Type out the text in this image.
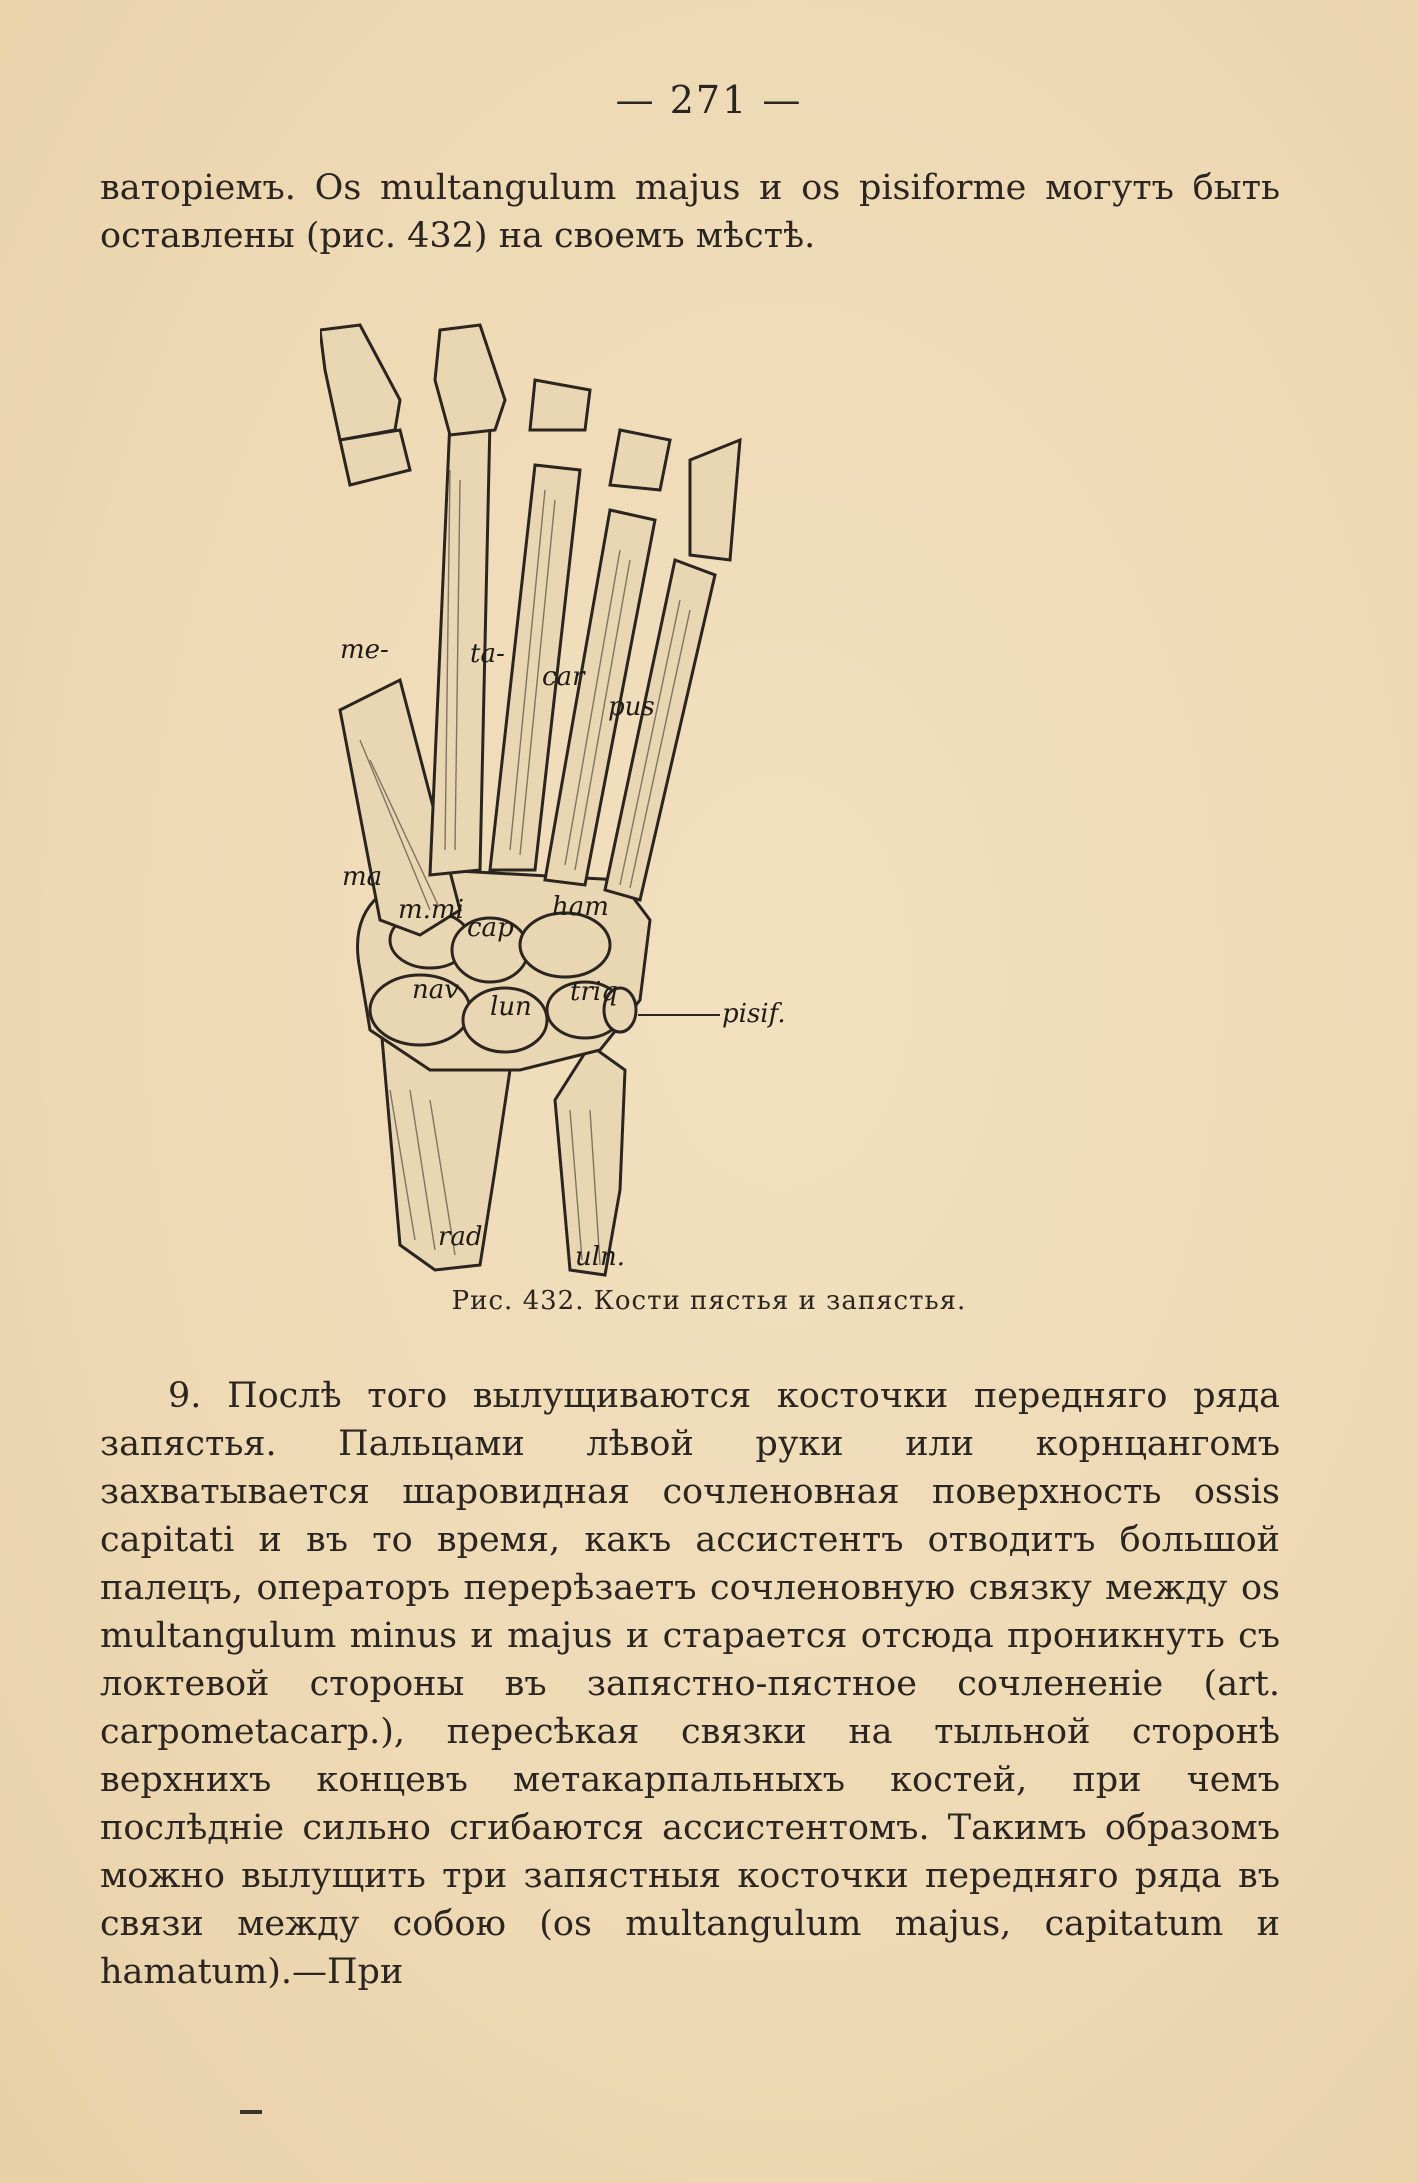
— 271 —

ваторіемъ. Os multangulum majus и os pisiforme могутъ быть оставлены (рис. 432) на своемъ мѣстѣ.

me-	ta-
car
pus
ma
m.mi
cap
ham
nav
lun triq
pisif.
rad
uln.
Рис. 432. Кости пястья и запястья.

9. Послѣ того вылущиваются косточки передняго ряда запястья. Пальцами лѣвой руки или корнцангомъ захватывается шаровидная сочленовная поверхность ossis capitati и въ то время, какъ ассистентъ отводитъ большой палецъ, операторъ перерѣзаетъ сочленовную связку между os multangulum minus и majus и старается отсюда проникнуть съ локтевой стороны въ запястно-пястное сочлененіе (art. carpometacarp.), пересѣкая связки на тыльной сторонѣ верхнихъ концевъ метакарпальныхъ костей, при чемъ послѣдніе сильно сгибаются ассистентомъ. Такимъ образомъ можно вылущить три запястныя косточки передняго ряда въ связи между собою (os multangulum majus, capitatum и hamatum).—При
